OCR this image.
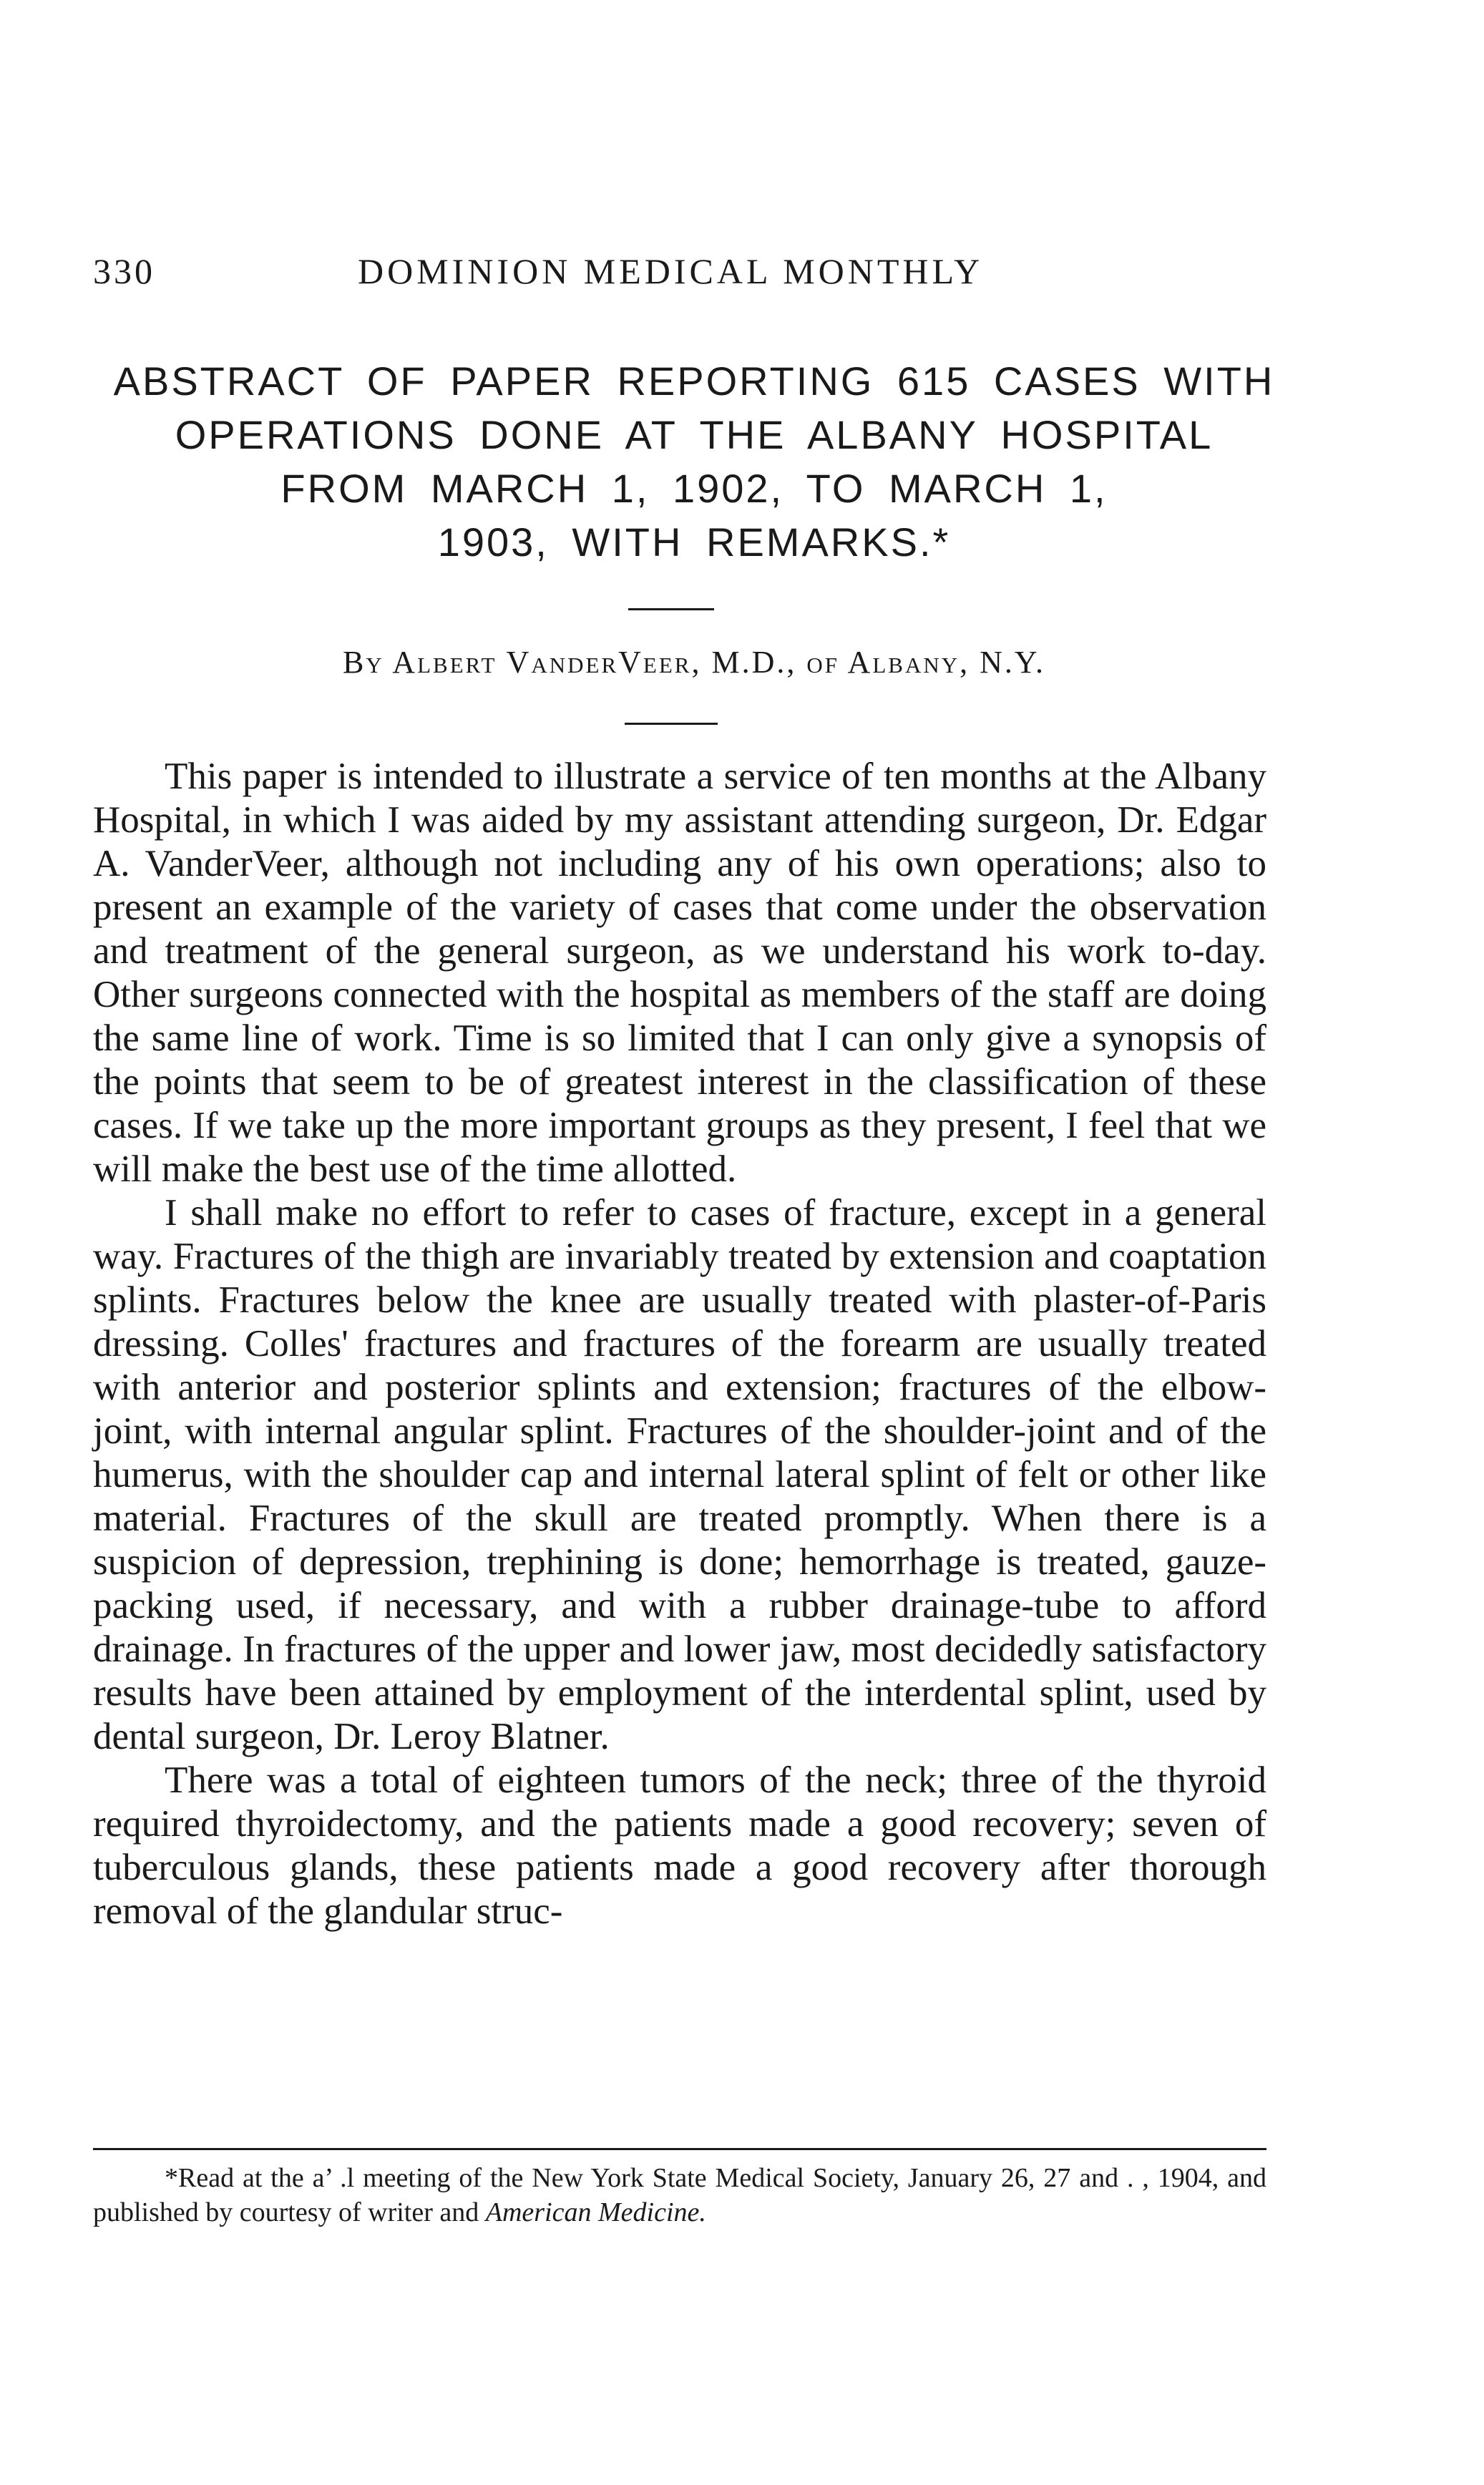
330	DOMINION MEDICAL MONTHLY
ABSTRACT OF PAPER REPORTING 615 CASES WITH
OPERATIONS DONE AT THE ALBANY HOSPITAL
FROM MARCH 1, 1902, TO MARCH 1,
1903, WITH REMARKS.*
By Albert VanderVeer, M.D., of Albany, N.Y.

This paper is intended to illustrate a service of ten months at the Albany Hospital, in which I was aided by my assistant attending surgeon, Dr. Edgar A. VanderVeer, although not including any of his own operations; also to present an example of the variety of cases that come under the observation and treatment of the general surgeon, as we understand his work to-day. Other surgeons connected with the hospital as members of the staff are doing the same line of work. Time is so limited that I can only give a synopsis of the points that seem to be of greatest interest in the classification of these cases. If we take up the more important groups as they present, I feel that we will make the best use of the time allotted.

I shall make no effort to refer to cases of fracture, except in a general way. Fractures of the thigh are invariably treated by extension and coaptation splints. Fractures below the knee are usually treated with plaster-of-Paris dressing. Colles' fractures and fractures of the forearm are usually treated with anterior and posterior splints and extension; fractures of the elbow-joint, with internal angular splint. Fractures of the shoulder-joint and of the humerus, with the shoulder cap and internal lateral splint of felt or other like material. Fractures of the skull are treated promptly. When there is a suspicion of depression, trephining is done; hemorrhage is treated, gauze-packing used, if necessary, and with a rubber drainage-tube to afford drainage. In fractures of the upper and lower jaw, most decidedly satisfactory results have been attained by employment of the interdental splint, used by dental surgeon, Dr. Leroy Blatner.

There was a total of eighteen tumors of the neck; three of the thyroid required thyroidectomy, and the patients made a good recovery; seven of tuberculous glands, these patients made a good recovery after thorough removal of the glandular struc-

*Read at the a’ .l meeting of the New York State Medical Society, January 26, 27 and . , 1904, and published by courtesy of writer and American Medicine.
